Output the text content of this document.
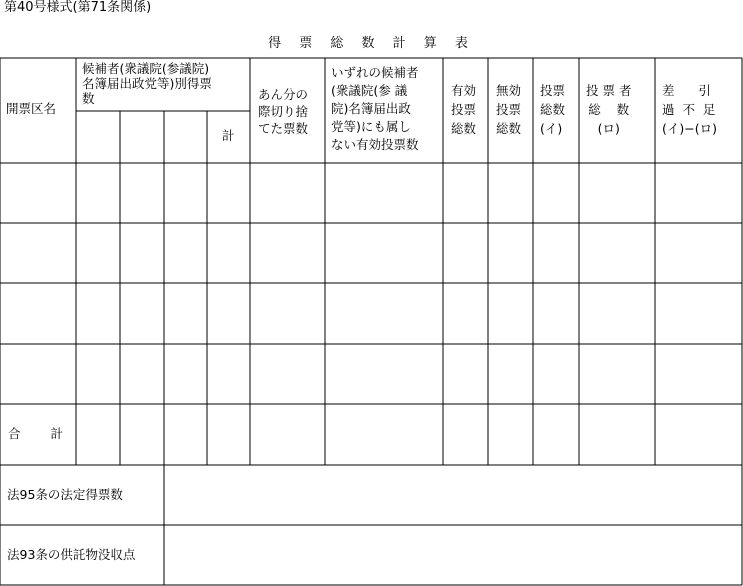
第40号様式(第71条関係)
得 票 総 数 計 算 表
開票区名
候補者(衆議院(参議院)
名簿届出政党等)別得票
数
計
あん分の
際切り捨
てた票数
いずれの候補者
(衆議院(参 議
院)名簿届出政
党等)にも属し
ない有効投票数
有効
投票
総数
無効
投票
総数
投票
総数
(イ)
投 票 者
総    数
(ロ)
差      引
過  不  足
(イ)−(ロ)
合 計
法95条の法定得票数
法93条の供託物没収点
